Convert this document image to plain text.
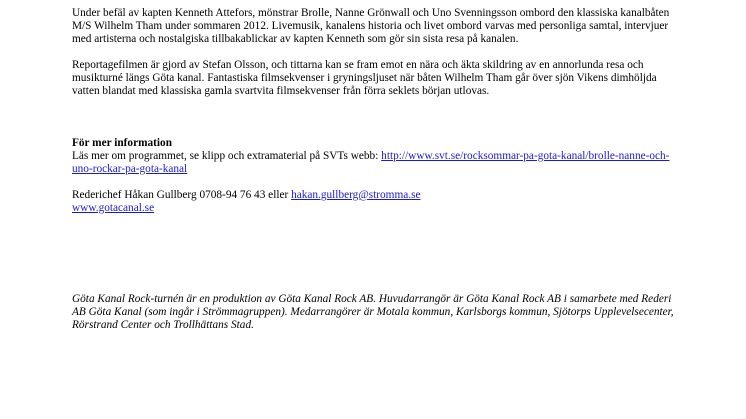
Under befäl av kapten Kenneth Attefors, mönstrar Brolle, Nanne Grönwall och Uno Svenningsson ombord den klassiska kanalbåten M/S Wilhelm Tham under sommaren 2012. Livemusik, kanalens historia och livet ombord varvas med personliga samtal, intervjuer med artisterna och nostalgiska tillbakablickar av kapten Kenneth som gör sin sista resa på kanalen.

Reportagefilmen är gjord av Stefan Olsson, och tittarna kan se fram emot en nära och äkta skildring av en annorlunda resa och musikturné längs Göta kanal. Fantastiska filmsekvenser i gryningsljuset när båten Wilhelm Tham går över sjön Vikens dimhöljda vatten blandat med klassiska gamla svartvita filmsekvenser från förra seklets början utlovas.

För mer information

Läs mer om programmet, se klipp och extramaterial på SVTs webb: http://www.svt.se/rocksommar-pa-gota-kanal/brolle-nanne-och-uno-rockar-pa-gota-kanal

Rederichef Håkan Gullberg 0708-94 76 43 eller hakan.gullberg@stromma.se

www.gotacanal.se

Göta Kanal Rock-turnén är en produktion av Göta Kanal Rock AB. Huvudarrangör är Göta Kanal Rock AB i samarbete med Rederi AB Göta Kanal (som ingår i Strömmagruppen). Medarrangörer är Motala kommun, Karlsborgs kommun, Sjötorps Upplevelsecenter, Rörstrand Center och Trollhättans Stad.
